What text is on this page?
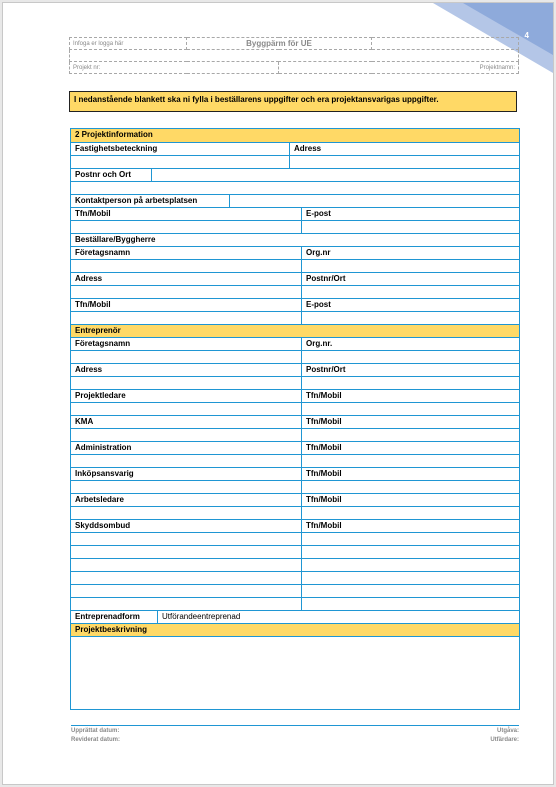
4
Infoga er logga här	Byggpärm för UE		

Projekt nr:		Projektnamn:	
I nedanstående blankett ska ni fylla i beställarens uppgifter och era projektansvarigas uppgifter.
2 Projektinformation
Fastighetsbeteckning	Adress
Postnr och Ort
Kontaktperson på arbetsplatsen
Tfn/Mobil	E-post
Beställare/Byggherre
Företagsnamn	Org.nr
Adress	Postnr/Ort
Tfn/Mobil	E-post
Entreprenör
Företagsnamn	Org.nr.
Adress	Postnr/Ort
Projektledare	Tfn/Mobil
KMA	Tfn/Mobil
Administration	Tfn/Mobil
Inköpsansvarig	Tfn/Mobil
Arbetsledare	Tfn/Mobil
Skyddsombud	Tfn/Mobil
Entreprenadform	Utförandeentreprenad
Projektbeskrivning
Upprättat datum:	Utgåva:
Reviderat datum:	Utfärdare:
